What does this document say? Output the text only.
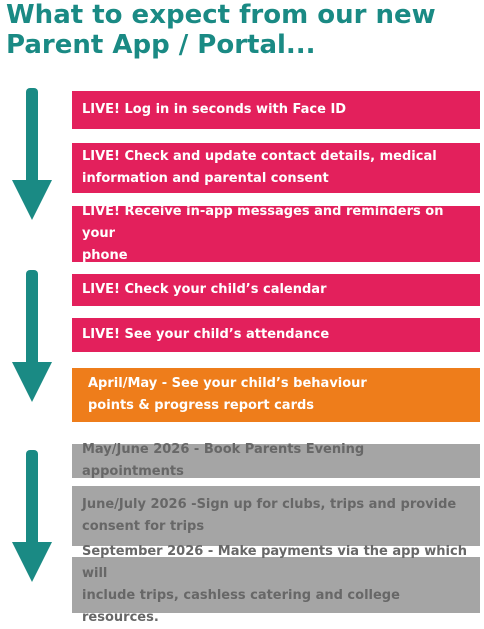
What to expect from our new
Parent App / Portal...
LIVE! Log in in seconds with Face ID
LIVE! Check and update contact details, medical
information and parental consent
LIVE! Receive in-app messages and reminders on your
phone
LIVE! Check your child’s calendar
LIVE! See your child’s attendance
April/May - See your child’s behaviour
points & progress report cards
May/June 2026 - Book Parents Evening appointments
June/July 2026 -Sign up for clubs, trips and provide
consent for trips
September 2026 - Make payments via the app which will
include trips, cashless catering and college resources.
